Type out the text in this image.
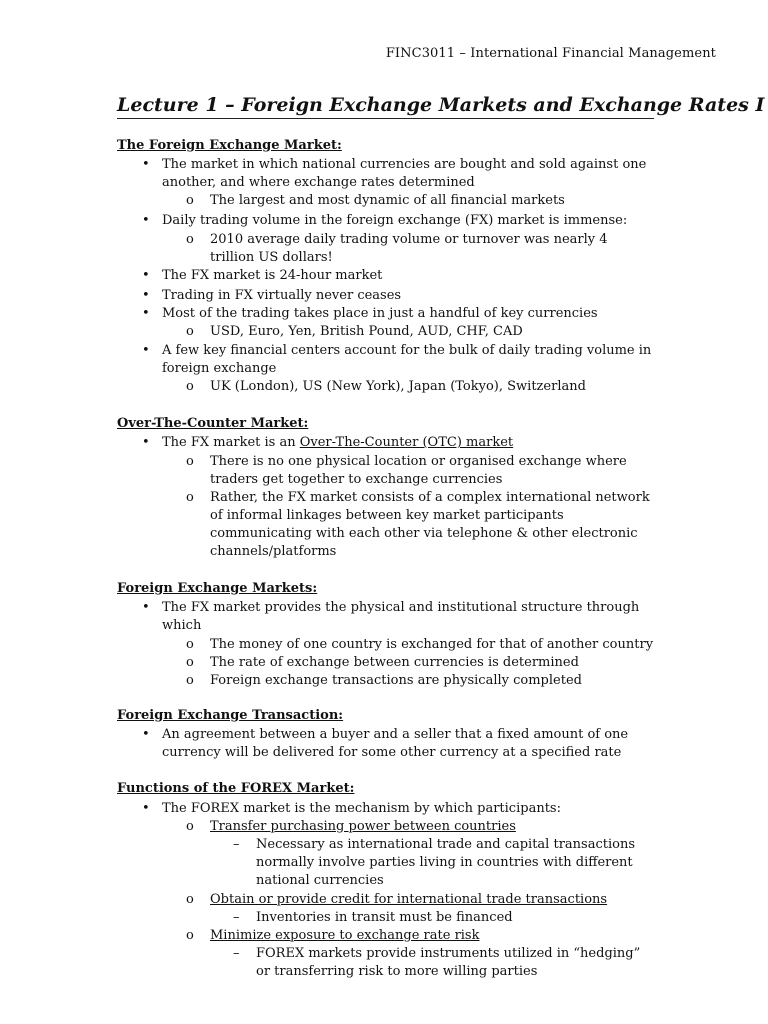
FINC3011 – International Financial Management
Lecture 1 – Foreign Exchange Markets and Exchange Rates I
The Foreign Exchange Market:
• The market in which national currencies are bought and sold against one
another, and where exchange rates determined
o	The largest and most dynamic of all financial markets
• Daily trading volume in the foreign exchange (FX) market is immense:
o	2010 average daily trading volume or turnover was nearly 4
trillion US dollars!
• The FX market is 24-hour market
• Trading in FX virtually never ceases
• Most of the trading takes place in just a handful of key currencies
o	USD, Euro, Yen, British Pound, AUD, CHF, CAD
• A few key financial centers account for the bulk of daily trading volume in
foreign exchange
o	UK (London), US (New York), Japan (Tokyo), Switzerland
Over-The-Counter Market:
• The FX market is an Over-The-Counter (OTC) market
o	There is no one physical location or organised exchange where
traders get together to exchange currencies
o	Rather, the FX market consists of a complex international network
of informal linkages between key market participants
communicating with each other via telephone & other electronic
channels/platforms
Foreign Exchange Markets:
• The FX market provides the physical and institutional structure through
which
o	The money of one country is exchanged for that of another country
o	The rate of exchange between currencies is determined
o	Foreign exchange transactions are physically completed
Foreign Exchange Transaction:
• An agreement between a buyer and a seller that a fixed amount of one
currency will be delivered for some other currency at a specified rate
Functions of the FOREX Market:
• The FOREX market is the mechanism by which participants:
o	Transfer purchasing power between countries
–	Necessary as international trade and capital transactions
normally involve parties living in countries with different
national currencies
o	Obtain or provide credit for international trade transactions
–	Inventories in transit must be financed
o	Minimize exposure to exchange rate risk
–	FOREX markets provide instruments utilized in “hedging”
or transferring risk to more willing parties
